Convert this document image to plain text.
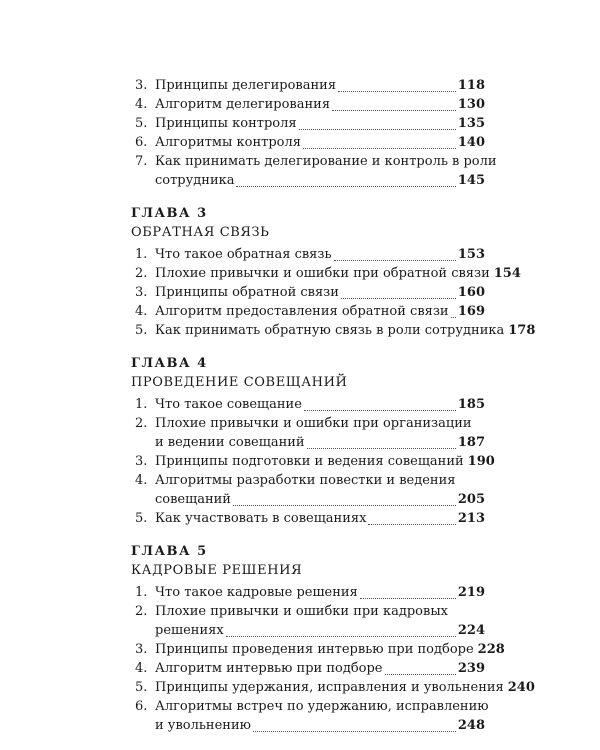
3. Принципы делегирования	118
4. Алгоритм делегирования	130
5. Принципы контроля	135
6. Алгоритмы контроля	140
7. Как принимать делегирование и контроль в роли
сотрудника	145
ГЛАВА 3
ОБРАТНАЯ СВЯЗЬ
1. Что такое обратная связь	153
2. Плохие привычки и ошибки при обратной связи 154
3. Принципы обратной связи	160
4. Алгоритм предоставления обратной связи 169
5. Как принимать обратную связь в роли сотрудника 178
ГЛАВА 4
ПРОВЕДЕНИЕ СОВЕЩАНИЙ
1. Что такое совещание	185
2. Плохие привычки и ошибки при организации
и ведении совещаний	187
3. Принципы подготовки и ведения совещаний 190
4. Алгоритмы разработки повестки и ведения
совещаний	205
5. Как участвовать в совещаниях	213
ГЛАВА 5
КАДРОВЫЕ РЕШЕНИЯ
1. Что такое кадровые решения	219
2. Плохие привычки и ошибки при кадровых
решениях	224
3. Принципы проведения интервью при подборе 228
4. Алгоритм интервью при подборе	239
5. Принципы удержания, исправления и увольнения 240
6. Алгоритмы встреч по удержанию, исправлению
и увольнению	248
